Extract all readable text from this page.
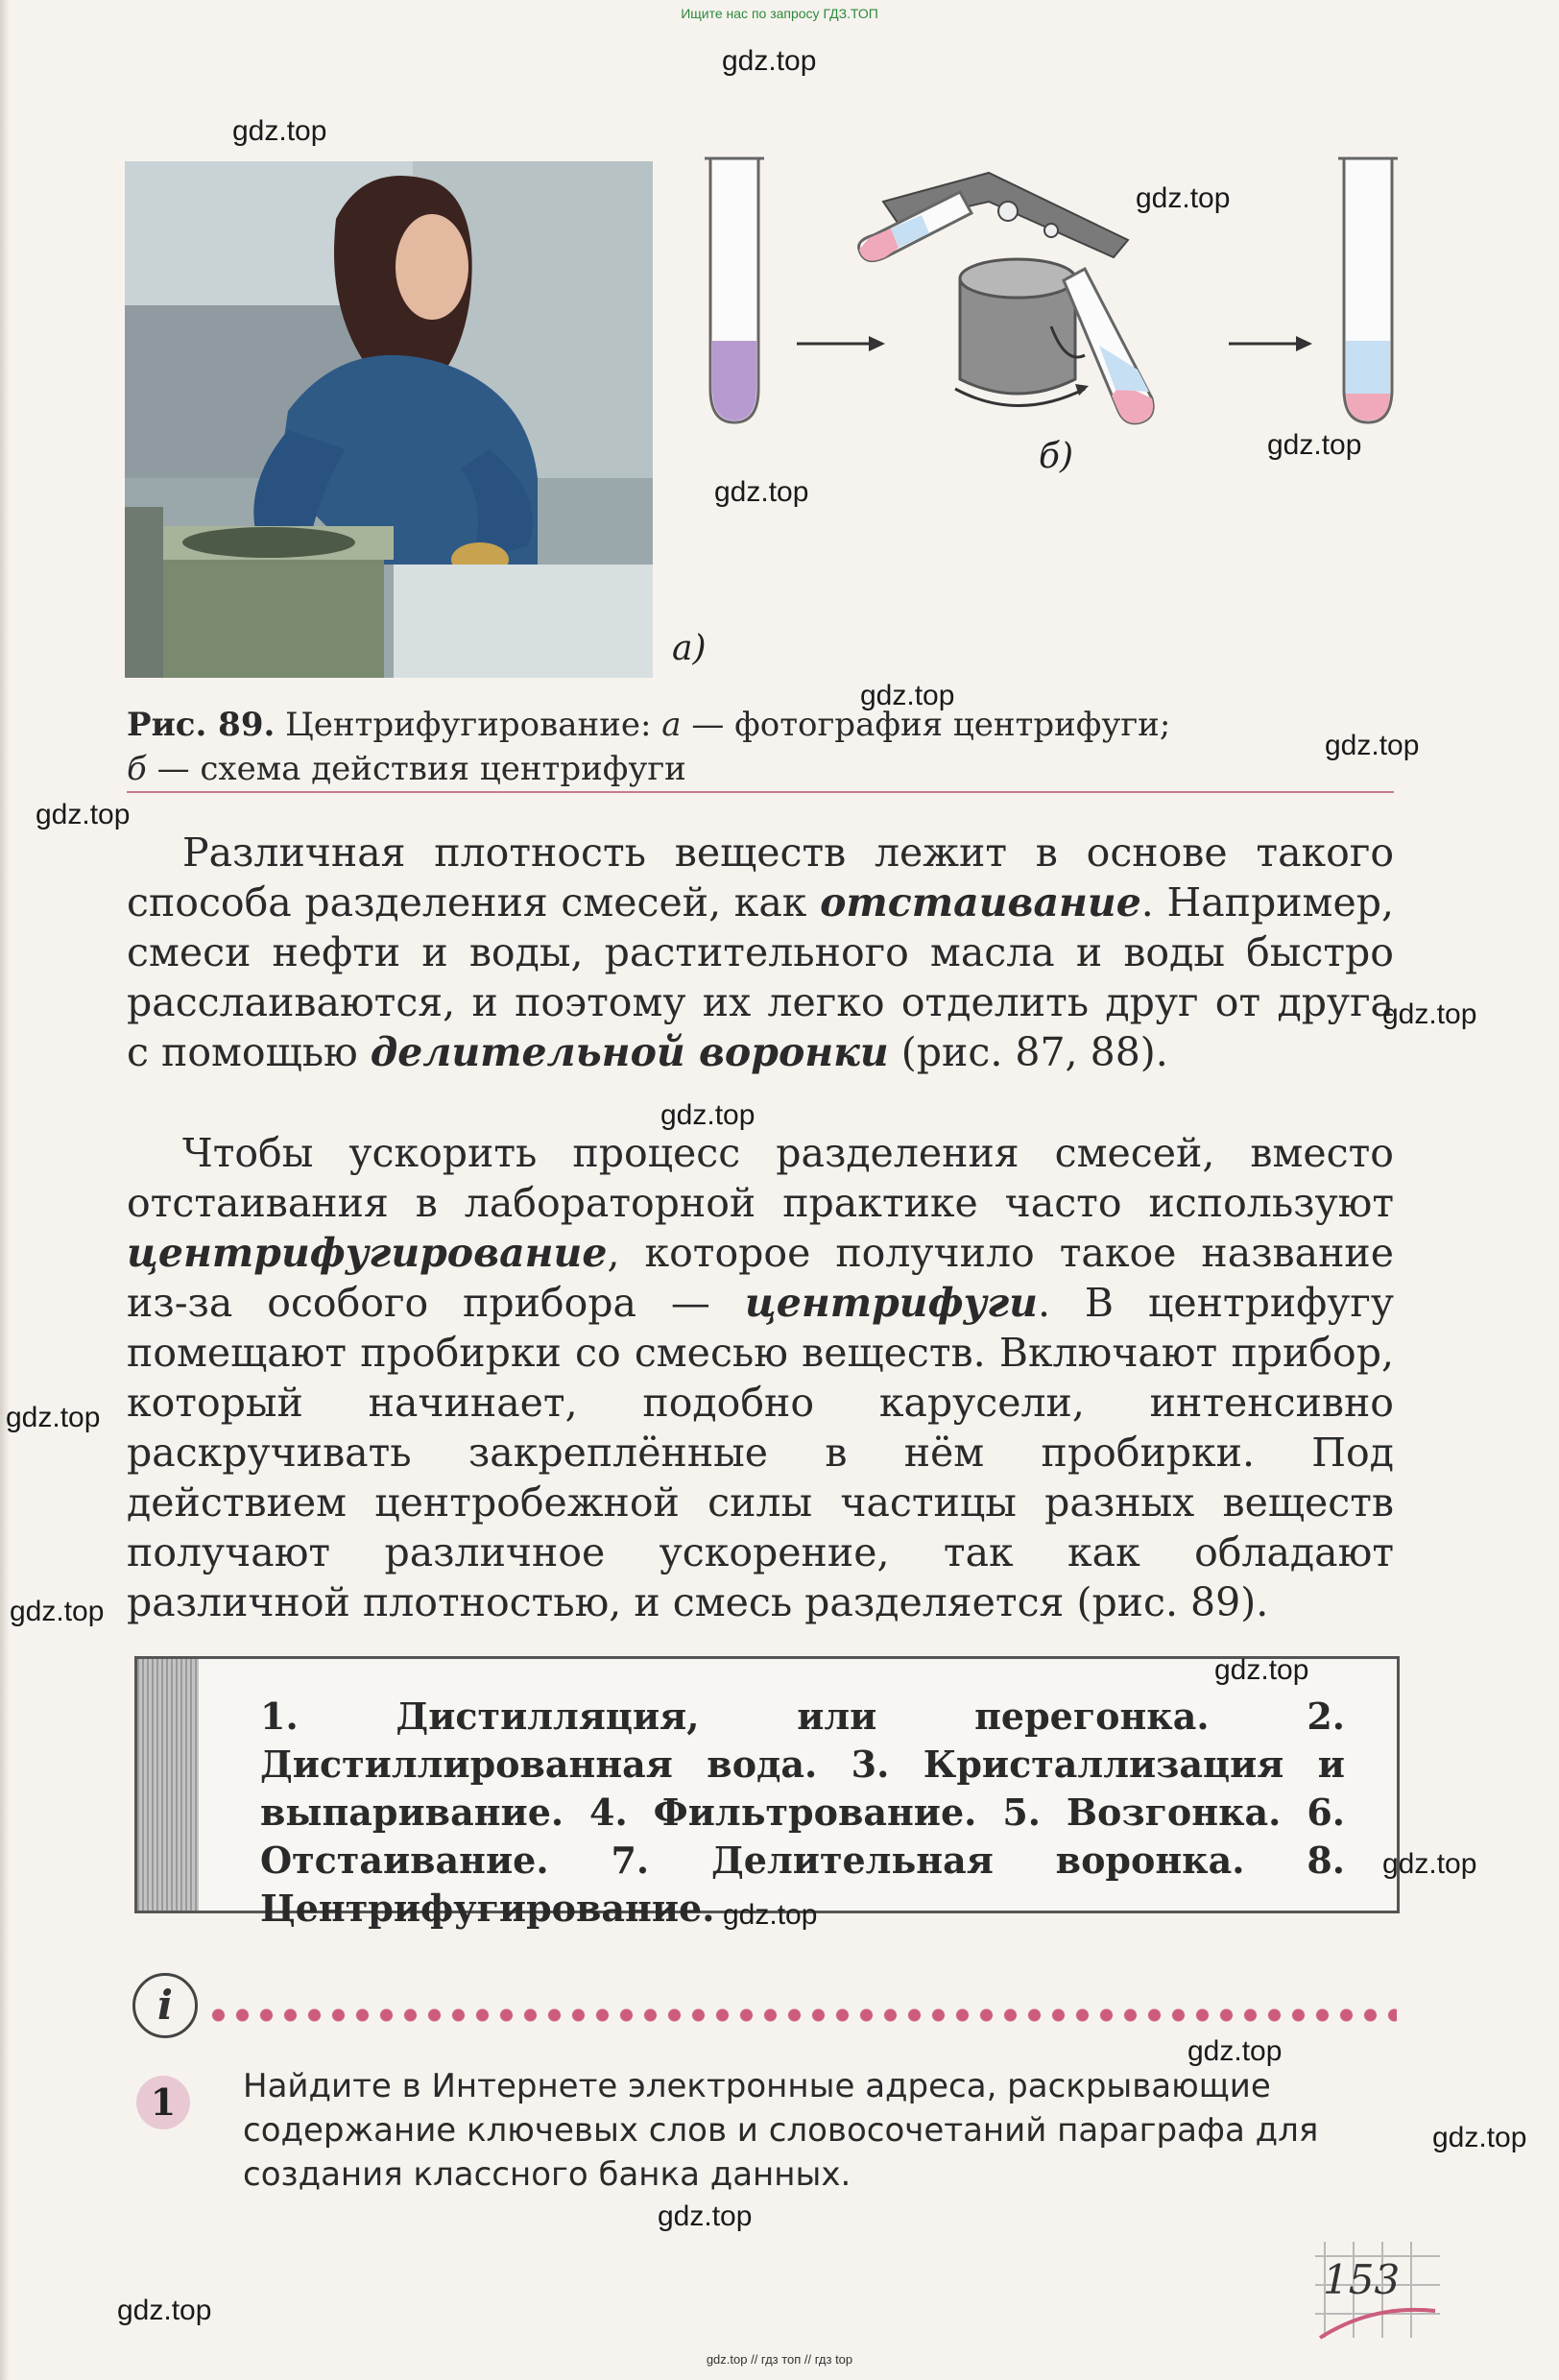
Ищите нас по запросу ГДЗ.ТОП
а)
б)
Рис. 89. Центрифугирование: а — фотография центрифуги;
б — схема действия центрифуги

Различная плотность веществ лежит в основе такого способа разделения смесей, как отстаивание. Например, смеси нефти и воды, растительного масла и воды быстро расслаиваются, и поэтому их легко отделить друг от друга с помощью делительной воронки (рис. 87, 88).

Чтобы ускорить процесс разделения смесей, вместо отстаивания в лабораторной практике часто используют центрифугирование, которое получило такое название из-за особого прибора — центрифуги. В центрифугу помещают пробирки со смесью веществ. Включают прибор, который начинает, подобно карусели, интенсивно раскручивать закреплённые в нём пробирки. Под действием центробежной силы частицы разных веществ получают различное ускорение, так как обладают различной плотностью, и смесь разделяется (рис. 89).

1. Дистилляция, или перегонка. 2. Дистиллированная вода. 3. Кристаллизация и выпаривание. 4. Фильтрование. 5. Возгонка. 6. Отстаивание. 7. Делительная воронка. 8. Центрифугирование.
i
1	Найдите в Интернете электронные адреса, раскрывающие содержание ключевых слов и словосочетаний параграфа для создания классного банка данных.
153
gdz.top
gdz.top
gdz.top
gdz.top
gdz.top
gdz.top
gdz.top
gdz.top
gdz.top
gdz.top
gdz.top
gdz.top
gdz.top
gdz.top
gdz.top
gdz.top
gdz.top
gdz.top
gdz.top
gdz.top // гдз топ // гдз top
